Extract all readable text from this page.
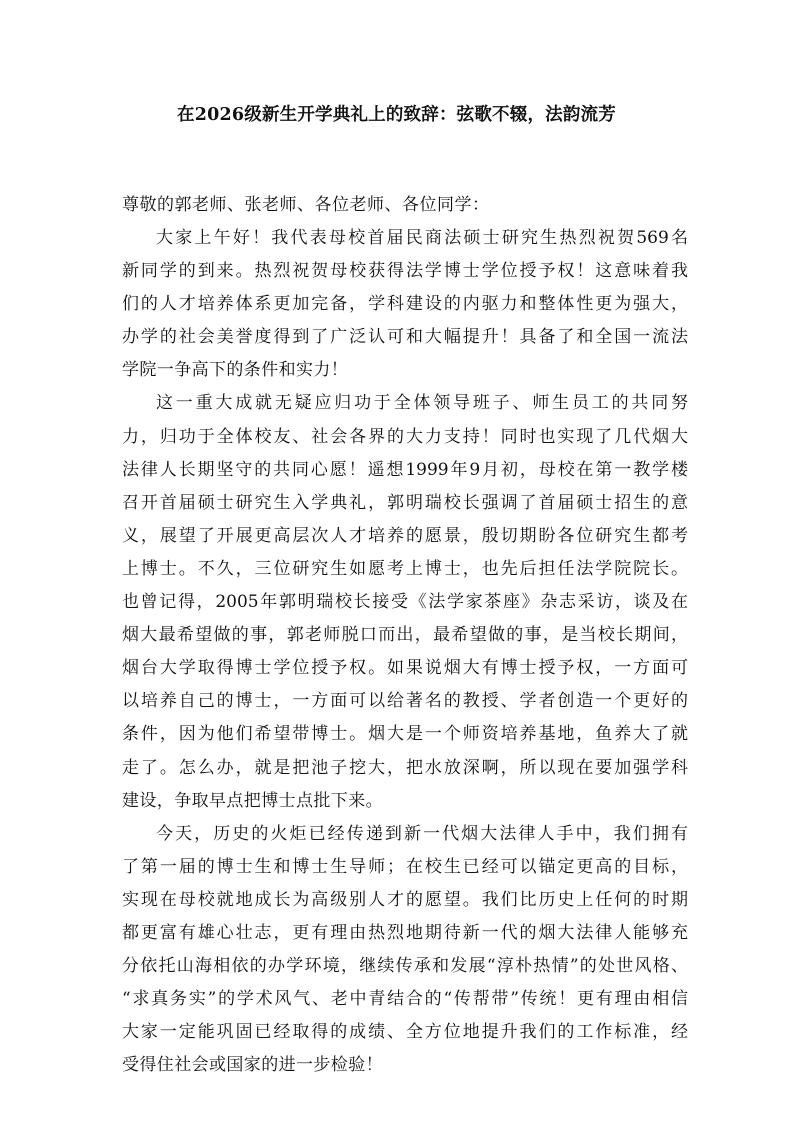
在2026级新生开学典礼上的致辞：弦歌不辍，法韵流芳

尊敬的郭老师、张老师、各位老师、各位同学：

大家上午好！我代表母校首届民商法硕士研究生热烈祝贺569名
新同学的到来。热烈祝贺母校获得法学博士学位授予权！这意味着我
们的人才培养体系更加完备，学科建设的内驱力和整体性更为强大，
办学的社会美誉度得到了广泛认可和大幅提升！具备了和全国一流法
学院一争高下的条件和实力！

这一重大成就无疑应归功于全体领导班子、师生员工的共同努
力，归功于全体校友、社会各界的大力支持！同时也实现了几代烟大
法律人长期坚守的共同心愿！遥想1999年9月初，母校在第一教学楼
召开首届硕士研究生入学典礼，郭明瑞校长强调了首届硕士招生的意
义，展望了开展更高层次人才培养的愿景，殷切期盼各位研究生都考
上博士。不久，三位研究生如愿考上博士，也先后担任法学院院长。
也曾记得，2005年郭明瑞校长接受《法学家茶座》杂志采访，谈及在
烟大最希望做的事，郭老师脱口而出，最希望做的事，是当校长期间，
烟台大学取得博士学位授予权。如果说烟大有博士授予权，一方面可
以培养自己的博士，一方面可以给著名的教授、学者创造一个更好的
条件，因为他们希望带博士。烟大是一个师资培养基地，鱼养大了就
走了。怎么办，就是把池子挖大，把水放深啊，所以现在要加强学科
建设，争取早点把博士点批下来。

今天，历史的火炬已经传递到新一代烟大法律人手中，我们拥有
了第一届的博士生和博士生导师；在校生已经可以锚定更高的目标，
实现在母校就地成长为高级别人才的愿望。我们比历史上任何的时期
都更富有雄心壮志，更有理由热烈地期待新一代的烟大法律人能够充
分依托山海相依的办学环境，继续传承和发展“淳朴热情”的处世风格、
“求真务实”的学术风气、老中青结合的“传帮带”传统！更有理由相信
大家一定能巩固已经取得的成绩、全方位地提升我们的工作标准，经
受得住社会或国家的进一步检验！
